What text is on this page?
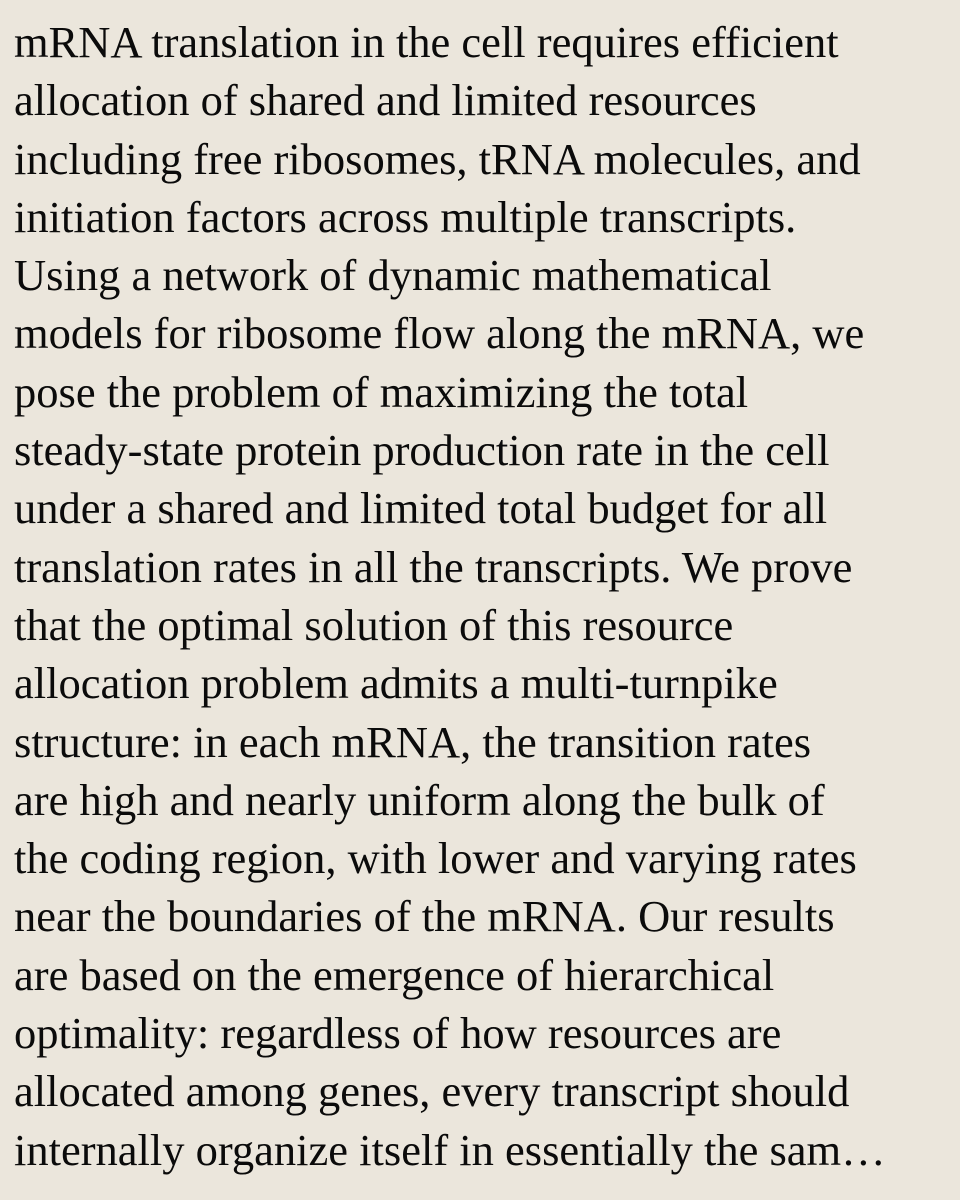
mRNA translation in the cell requires efficient
allocation of shared and limited resources
including free ribosomes, tRNA molecules, and
initiation factors across multiple transcripts.
Using a network of dynamic mathematical
models for ribosome flow along the mRNA, we
pose the problem of maximizing the total
steady-state protein production rate in the cell
under a shared and limited total budget for all
translation rates in all the transcripts. We prove
that the optimal solution of this resource
allocation problem admits a multi-turnpike
structure: in each mRNA, the transition rates
are high and nearly uniform along the bulk of
the coding region, with lower and varying rates
near the boundaries of the mRNA. Our results
are based on the emergence of hierarchical
optimality: regardless of how resources are
allocated among genes, every transcript should
internally organize itself in essentially the sam…
